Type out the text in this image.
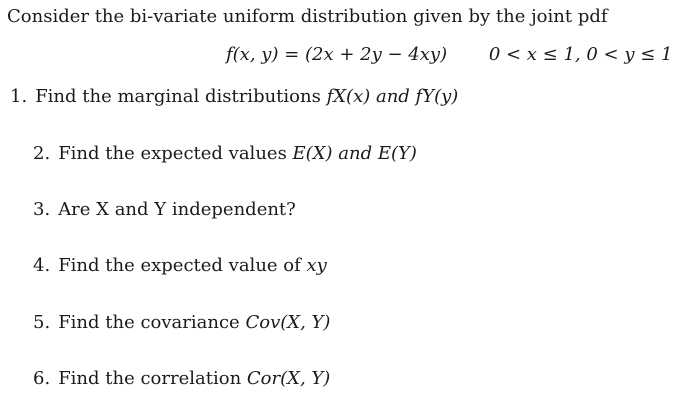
Consider the bi-variate uniform distribution given by the joint pdf
f(x, y) = (2x + 2y − 4xy) 0 < x ≤ 1, 0 < y ≤ 1
1. Find the marginal distributions fX(x) and fY(y)
2. Find the expected values E(X) and E(Y)
3. Are X and Y independent?
4. Find the expected value of xy
5. Find the covariance Cov(X, Y)
6. Find the correlation Cor(X, Y)
